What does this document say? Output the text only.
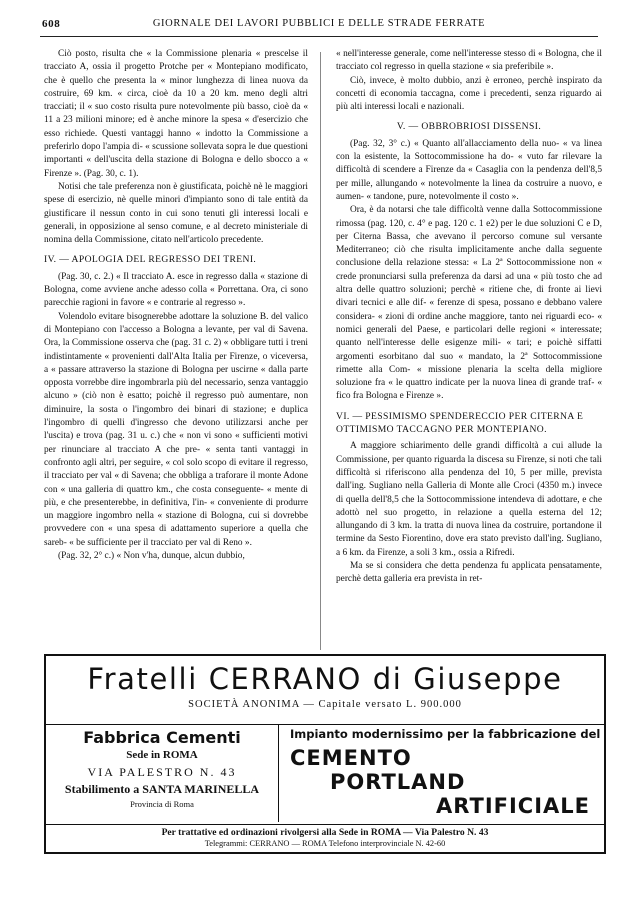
608	GIORNALE DEI LAVORI PUBBLICI E DELLE STRADE FERRATE

Ciò posto, risulta che « la Commissione plenaria « prescelse il tracciato A, ossia il progetto Protche per « Montepiano modificato, che è quello che presenta la « minor lunghezza di linea nuova da costruire, 69 km. « circa, cioè da 10 a 20 km. meno degli altri tracciati; il « suo costo risulta pure notevolmente più basso, cioè da « 11 a 23 milioni minore; ed è anche minore la spesa « d'esercizio che esso richiede. Questi vantaggi hanno « indotto la Commissione a preferirlo dopo l'ampia di- « scussione sollevata sopra le due questioni importanti « dell'uscita della stazione di Bologna e dello sbocco a « Firenze ». (Pag. 30, c. 1).

Notisi che tale preferenza non è giustificata, poichè nè le maggiori spese di esercizio, nè quelle minori d'impianto sono di tale entità da giustificare il nessun conto in cui sono tenuti gli interessi locali e generali, in opposizione al senso comune, e al decreto ministeriale di nomina della Commissione, citato nell'articolo precedente.

IV. — APOLOGIA DEL REGRESSO DEI TRENI.

(Pag. 30, c. 2.) « Il tracciato A. esce in regresso dalla « stazione di Bologna, come avviene anche adesso colla « Porrettana. Ora, ci sono parecchie ragioni in favore « e contrarie al regresso ».

Volendolo evitare bisognerebbe adottare la soluzione B. del valico di Montepiano con l'accesso a Bologna a levante, per val di Savena. Ora, la Commissione osserva che (pag. 31 c. 2) « obbligare tutti i treni indistintamente « provenienti dall'Alta Italia per Firenze, o viceversa, a « passare attraverso la stazione di Bologna per uscirne « dalla parte opposta vorrebbe dire ingombrarla più del necessario, senza vantaggio alcuno » (ciò non è esatto; poichè il regresso può aumentare, non diminuire, la sosta o l'ingombro dei binari di stazione; e duplica l'ingombro di quelli d'ingresso che devono utilizzarsi anche per l'uscita) e trova (pag. 31 u. c.) che « non vi sono « sufficienti motivi per rinunciare al tracciato A che pre- « senta tanti vantaggi in confronto agli altri, per seguire, « col solo scopo di evitare il regresso, il tracciato per val « di Savena; che obbliga a traforare il monte Adone con « una galleria di quattro km., che costa conseguente- « mente di più, e che presenterebbe, in definitiva, l'in- « conveniente di produrre un maggiore ingombro nella « stazione di Bologna, cui si dovrebbe provvedere con « una spesa di adattamento superiore a quella che sareb- « be sufficiente per il tracciato per val di Reno ».

(Pag. 32, 2° c.) « Non v'ha, dunque, alcun dubbio,

« nell'interesse generale, come nell'interesse stesso di « Bologna, che il tracciato col regresso in quella stazione « sia preferibile ».

Ciò, invece, è molto dubbio, anzi è erroneo, perchè inspirato da concetti di economia taccagna, come i precedenti, senza riguardo ai più alti interessi locali e nazionali.

V. — OBBROBRIOSI DISSENSI.

(Pag. 32, 3° c.) « Quanto all'allacciamento della nuo- « va linea con la esistente, la Sottocommissione ha do- « vuto far rilevare la difficoltà di scendere a Firenze da « Casaglia con la pendenza dell'8,5 per mille, allungando « notevolmente la linea da costruire a nuovo, e aumen- « tandone, pure, notevolmente il costo ».

Ora, è da notarsi che tale difficoltà venne dalla Sottocommissione rimossa (pag. 120, c. 4° e pag. 120 c. 1 e2) per le due soluzioni C e D, per Citerna Bassa, che avevano il percorso comune sul versante Mediterraneo; ciò che risulta implicitamente anche dalla seguente conclusione della relazione stessa: « La 2ª Sottocommissione non « crede pronunciarsi sulla preferenza da darsi ad una « più tosto che ad altra delle quattro soluzioni; perchè « ritiene che, di fronte ai lievi divari tecnici e alle dif- « ferenze di spesa, possano e debbano valere considera- « zioni di ordine anche maggiore, tanto nei riguardi eco- « nomici generali del Paese, e particolari delle regioni « interessate; quanto nell'interesse delle esigenze mili- « tari; e poichè siffatti argomenti esorbitano dal suo « mandato, la 2ª Sottocommissione rimette alla Com- « missione plenaria la scelta della migliore soluzione fra « le quattro indicate per la nuova linea di grande traf- « fico fra Bologna e Firenze ».

VI. — PESSIMISMO SPENDERECCIO PER CITERNA E OTTIMISMO TACCAGNO PER MONTEPIANO.

A maggiore schiarimento delle grandi difficoltà a cui allude la Commissione, per quanto riguarda la discesa su Firenze, si noti che tali difficoltà si riferiscono alla pendenza del 10, 5 per mille, prevista dall'ing. Sugliano nella Galleria di Monte alle Croci (4350 m.) invece di quella dell'8,5 che la Sottocommissione intendeva di adottare, e che adottò nel suo progetto, in relazione a quella esterna del 12; allungando di 3 km. la tratta di nuova linea da costruire, portandone il termine da Sesto Fiorentino, dove era stato previsto dall'ing. Sugliano, a 6 km. da Firenze, a soli 3 km., ossia a Rifredi.

Ma se si considera che detta pendenza fu applicata pensatamente, perchè detta galleria era prevista in ret-

Fratelli CERRANO di Giuseppe
SOCIETÀ ANONIMA — Capitale versato L. 900.000
Fabbrica Cementi
Sede in ROMA
VIA PALESTRO N. 43
Stabilimento a SANTA MARINELLA
Provincia di Roma
Impianto modernissimo per la fabbricazione del
CEMENTO
PORTLAND
ARTIFICIALE
Per trattative ed ordinazioni rivolgersi alla Sede in ROMA — Via Palestro N. 43
Telegrammi: CERRANO — ROMA Telefono interprovinciale N. 42-60
